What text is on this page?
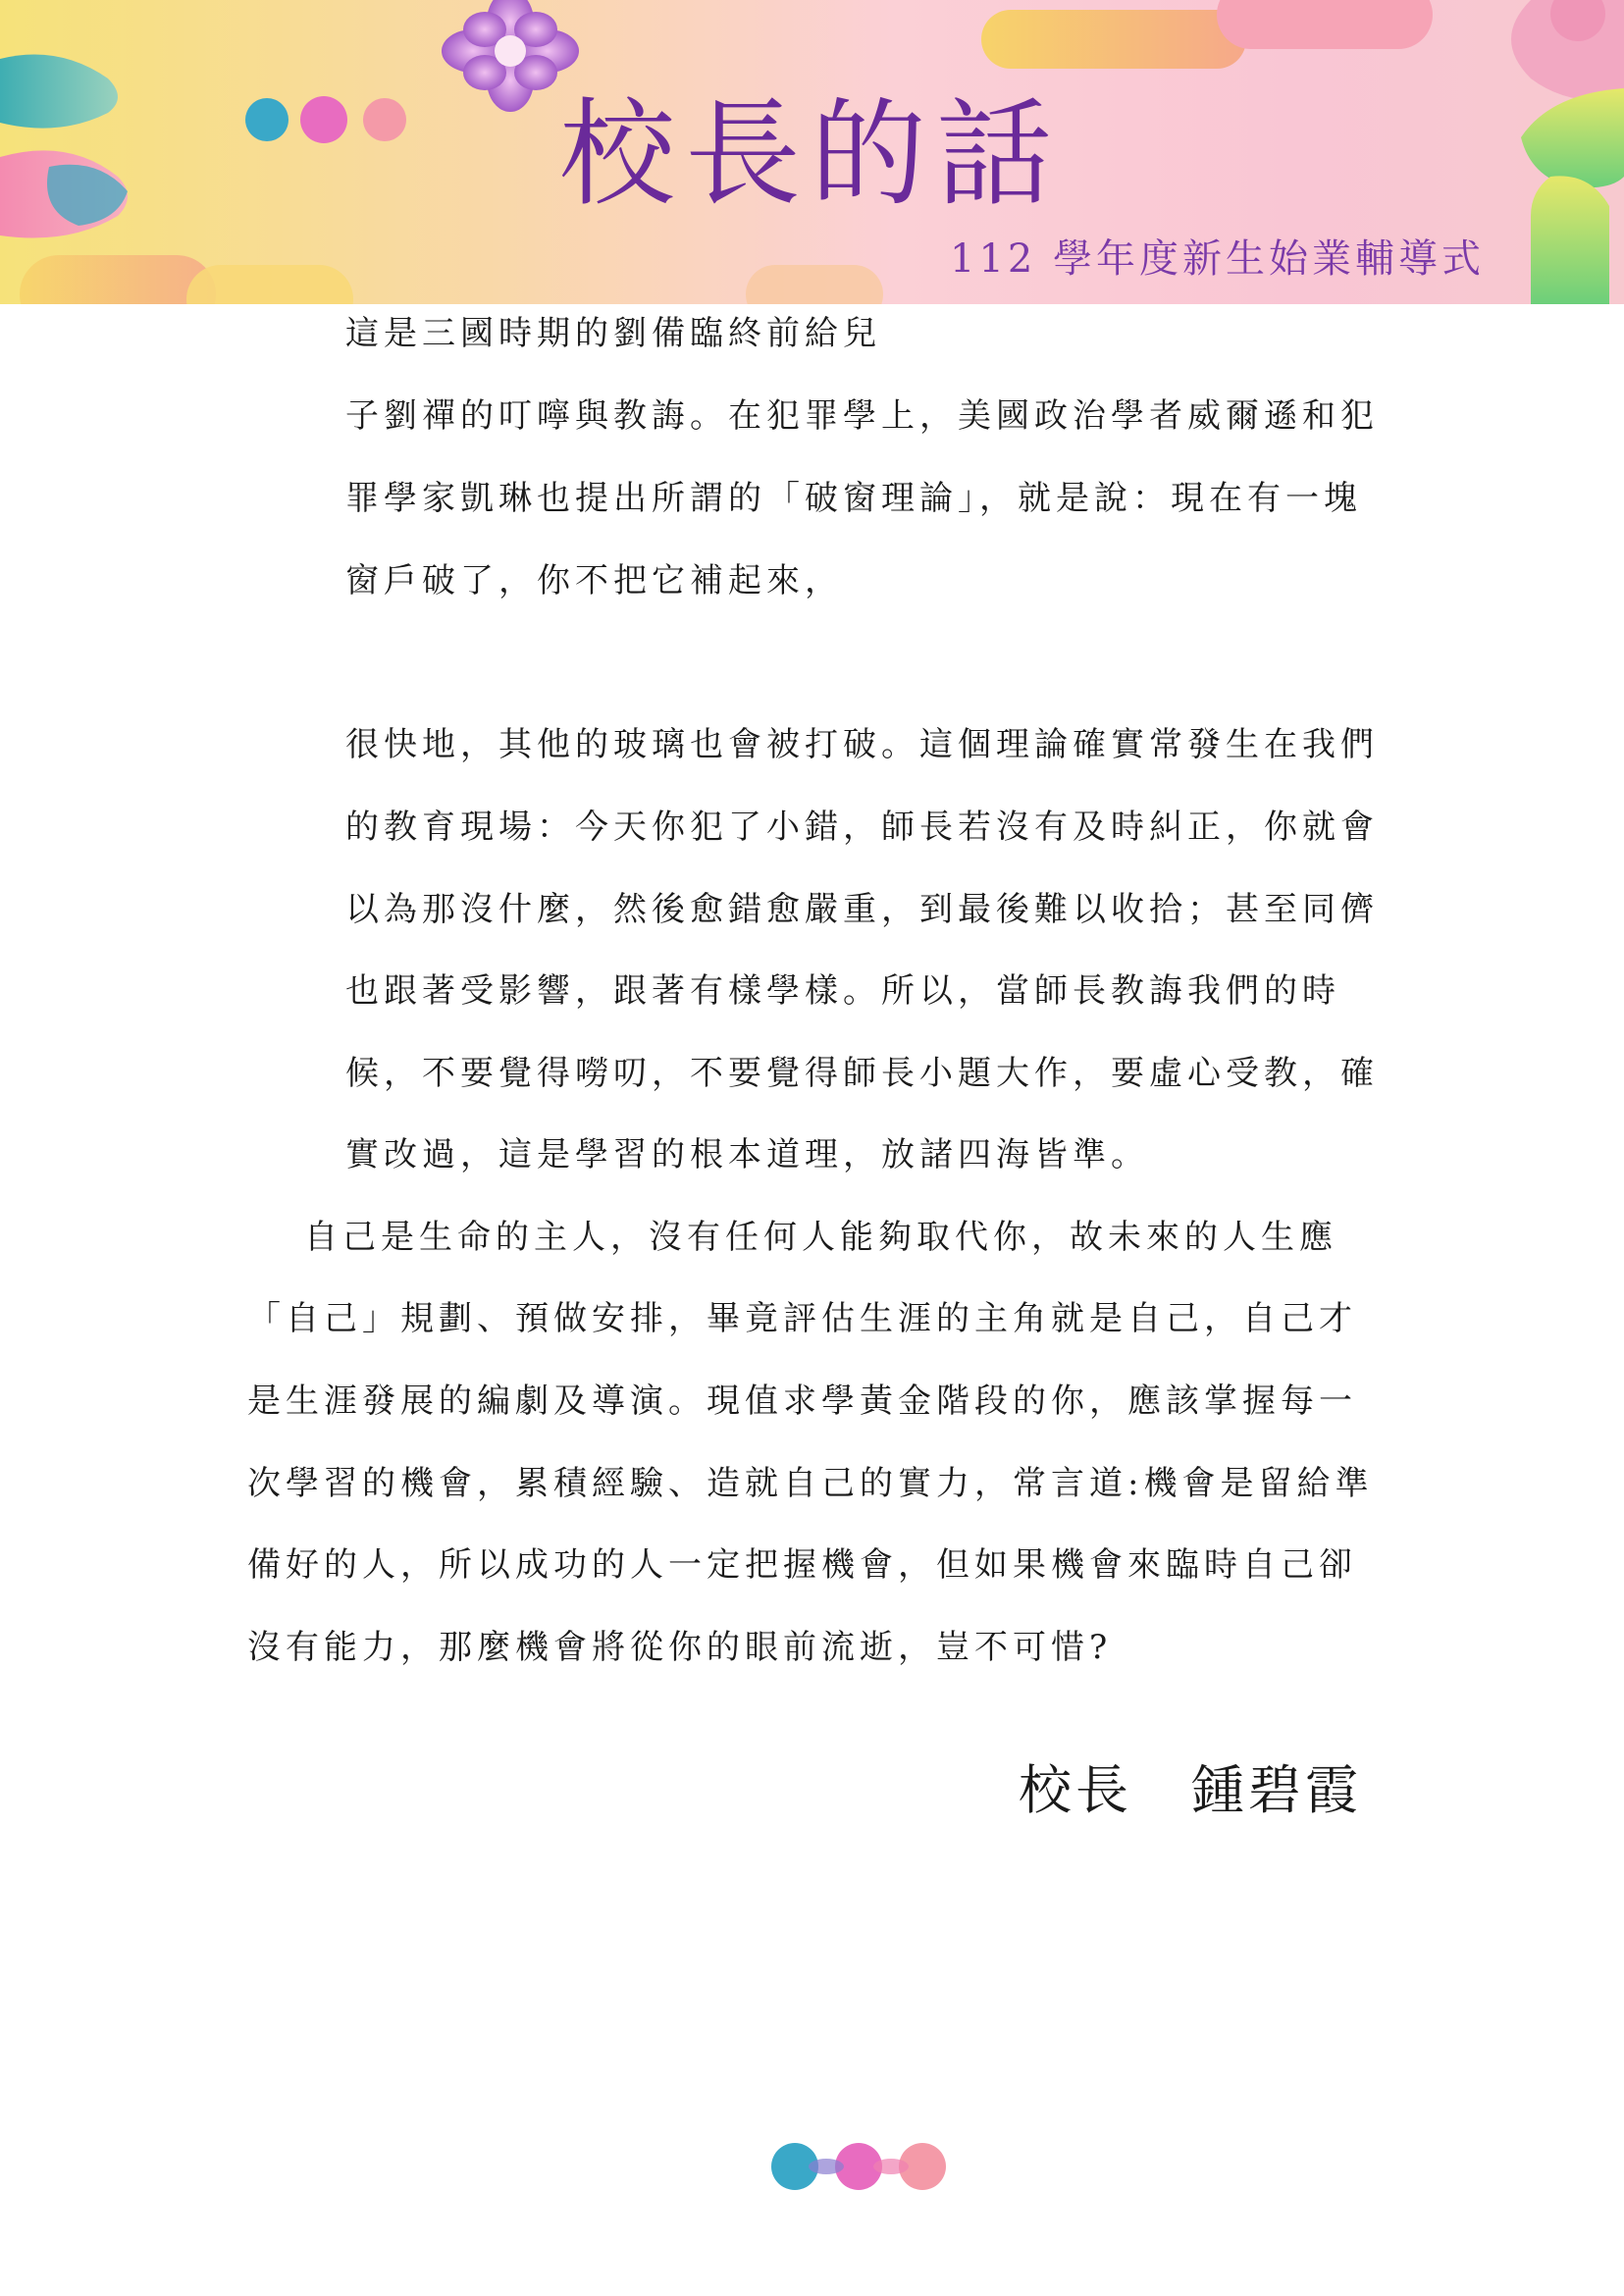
校長的話
112 學年度新生始業輔導式
這是三國時期的劉備臨終前給兒
子劉禪的叮嚀與教誨。在犯罪學上，美國政治學者威爾遜和犯
罪學家凱琳也提出所謂的「破窗理論」，就是說：現在有一塊
窗戶破了，你不把它補起來，
很快地，其他的玻璃也會被打破。這個理論確實常發生在我們
的教育現場：今天你犯了小錯，師長若沒有及時糾正，你就會
以為那沒什麼，然後愈錯愈嚴重，到最後難以收拾；甚至同儕
也跟著受影響，跟著有樣學樣。所以，當師長教誨我們的時
候，不要覺得嘮叨，不要覺得師長小題大作，要虛心受教，確
實改過，這是學習的根本道理，放諸四海皆準。
自己是生命的主人，沒有任何人能夠取代你，故未來的人生應
「自己」規劃、預做安排，畢竟評估生涯的主角就是自己，自己才
是生涯發展的編劇及導演。現值求學黃金階段的你，應該掌握每一
次學習的機會，累積經驗、造就自己的實力，常言道:機會是留給準
備好的人，所以成功的人一定把握機會，但如果機會來臨時自己卻
沒有能力，那麼機會將從你的眼前流逝，豈不可惜?
校長 鍾碧霞
